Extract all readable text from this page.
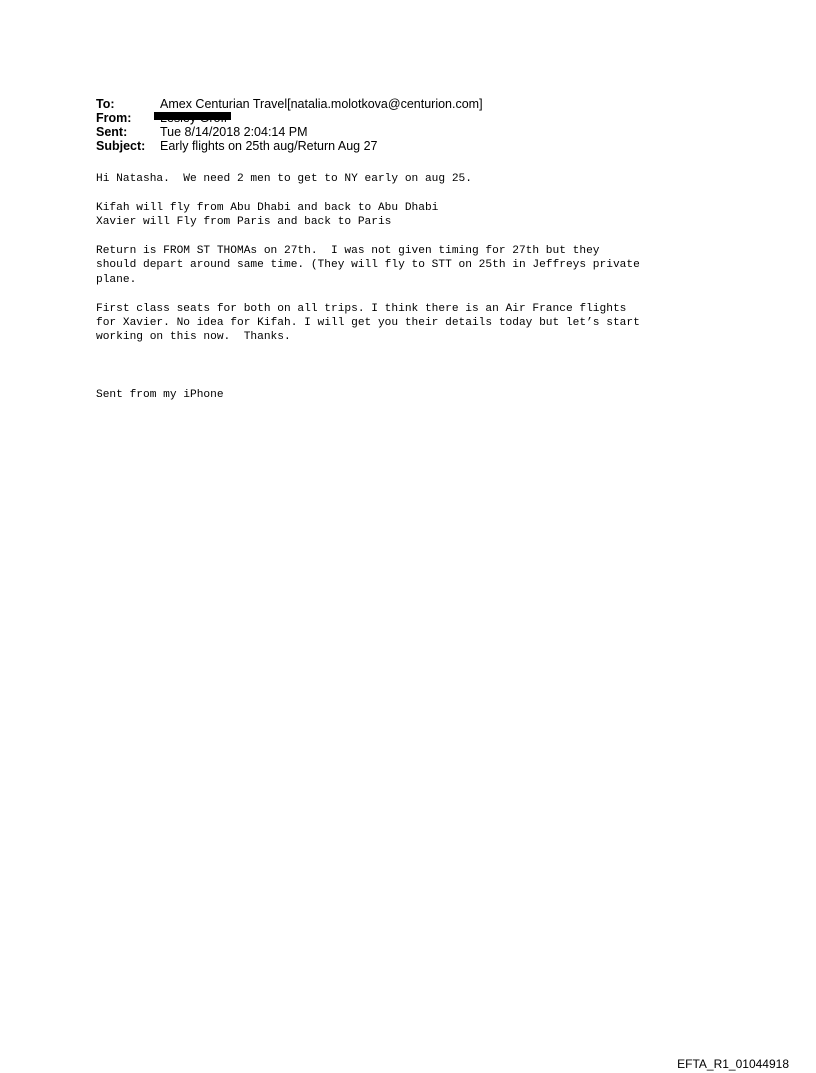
To:	Amex Centurian Travel[natalia.molotkova@centurion.com]
From:
Sent:	Tue 8/14/2018 2:04:14 PM
Subject:	Early flights on 25th aug/Return Aug 27
Hi Natasha.  We need 2 men to get to NY early on aug 25.
Kifah will fly from Abu Dhabi and back to Abu Dhabi
Xavier will Fly from Paris and back to Paris
Return is FROM ST THOMAs on 27th.  I was not given timing for 27th but they
should depart around same time. (They will fly to STT on 25th in Jeffreys private
plane.
First class seats for both on all trips. I think there is an Air France flights
for Xavier. No idea for Kifah. I will get you their details today but let’s start
working on this now.  Thanks.
Sent from my iPhone
EFTA_R1_01044918
